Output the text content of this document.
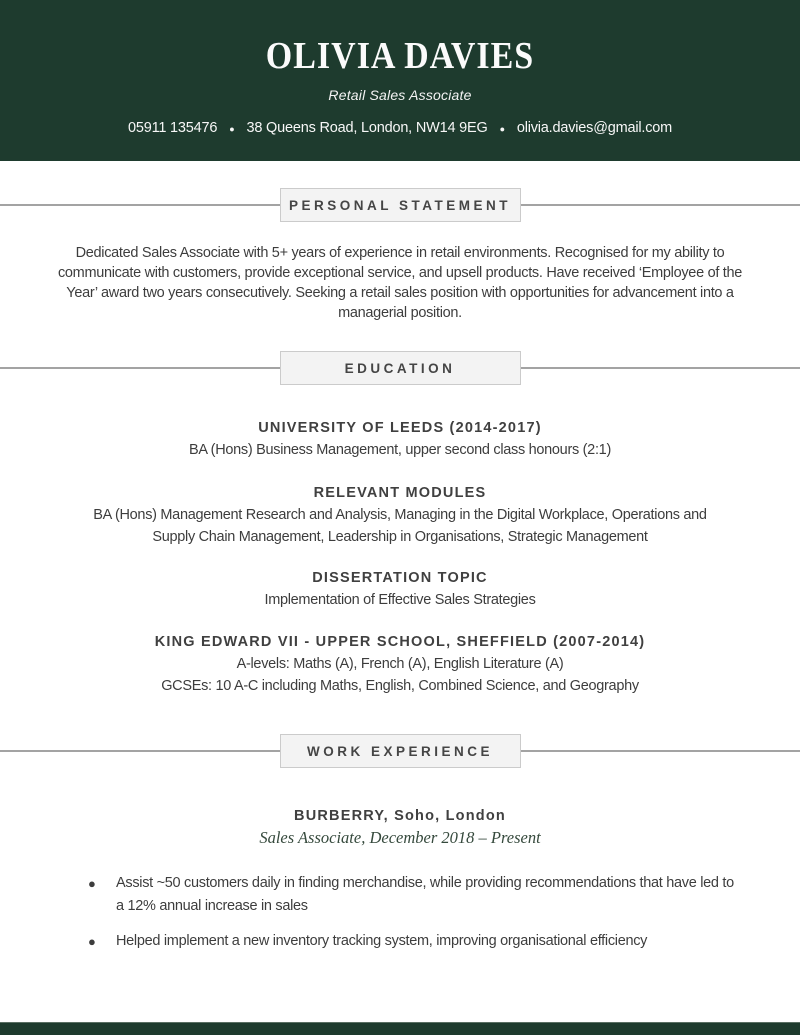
OLIVIA DAVIES
Retail Sales Associate
05911 135476 ● 38 Queens Road, London, NW14 9EG ● olivia.davies@gmail.com
PERSONAL STATEMENT

Dedicated Sales Associate with 5+ years of experience in retail environments. Recognised for my ability to communicate with customers, provide exceptional service, and upsell products. Have received ‘Employee of the Year’ award two years consecutively. Seeking a retail sales position with opportunities for advancement into a managerial position.

EDUCATION
UNIVERSITY OF LEEDS (2014-2017)
BA (Hons) Business Management, upper second class honours (2:1)
RELEVANT MODULES
BA (Hons) Management Research and Analysis, Managing in the Digital Workplace, Operations and Supply Chain Management, Leadership in Organisations, Strategic Management
DISSERTATION TOPIC
Implementation of Effective Sales Strategies
KING EDWARD VII - UPPER SCHOOL, SHEFFIELD (2007-2014)
A-levels: Maths (A), French (A), English Literature (A)
GCSEs: 10 A-C including Maths, English, Combined Science, and Geography
WORK EXPERIENCE
BURBERRY, Soho, London
Sales Associate, December 2018 – Present
●	Assist ~50 customers daily in finding merchandise, while providing recommendations that have led to a 12% annual increase in sales
●	Helped implement a new inventory tracking system, improving organisational efficiency
